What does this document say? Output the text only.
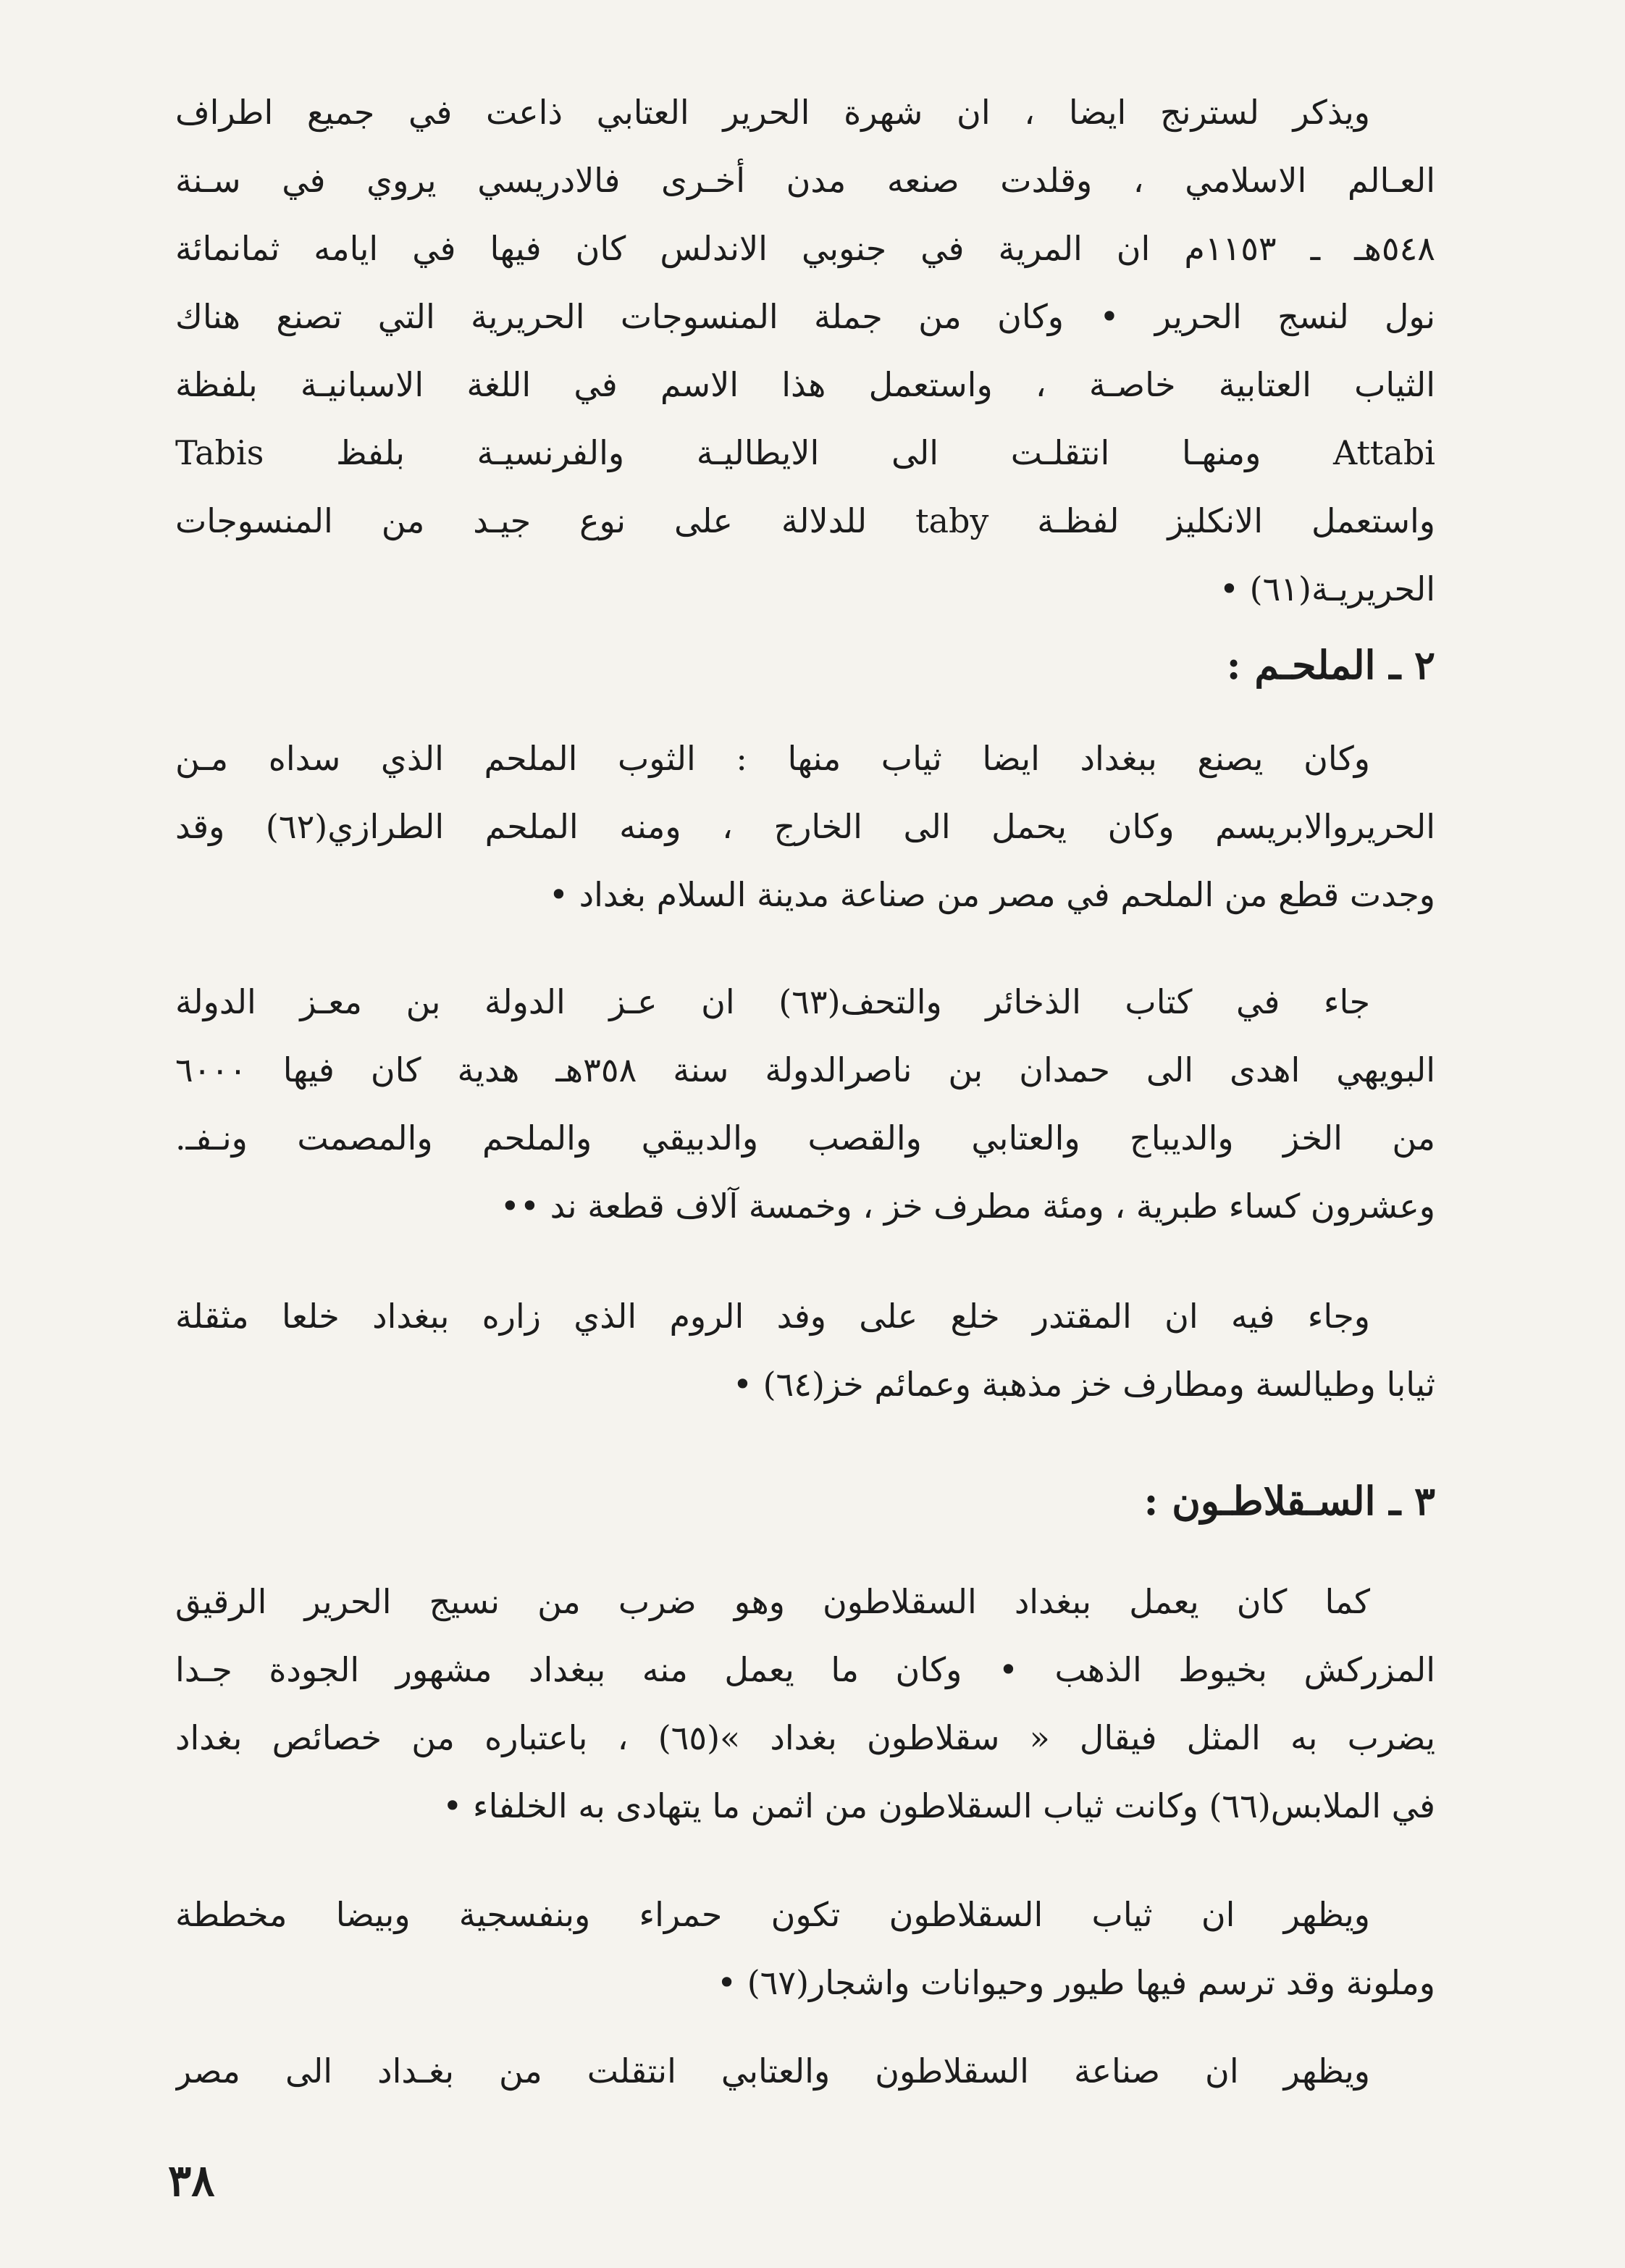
ويذكر لسترنج ايضا ، ان شهرة الحرير العتابي ذاعت في جميع اطراف
العـالم الاسلامي ، وقلدت صنعه مدن أخـرى فالادريسي يروي في سـنة
٥٤٨هـ ـ ١١٥٣م ان المرية في جنوبي الاندلس كان فيها في ايامه ثمانمائة
نول لنسج الحرير • وكان من جملة المنسوجات الحريرية التي تصنع هناك
الثياب العتابية خاصـة ، واستعمل هذا الاسم في اللغة الاسبانيـة بلفظة
Attabi ومنهـا انتقلـت الى الايطاليـة والفرنسيـة بلفظ Tabis
واستعمل الانكليز لفظـة taby للدلالة على نوع جيـد من المنسوجات
الحريريـة(٦١) •
٢ ـ الملحـم :
وكان يصنع ببغداد ايضا ثياب منها : الثوب الملحم الذي سداه مـن
الحريروالابريسم وكان يحمل الى الخارج ، ومنه الملحم الطرازي(٦٢) وقد
وجدت قطع من الملحم في مصر من صناعة مدينة السلام بغداد •
جاء في كتاب الذخائر والتحف(٦٣) ان عـز الدولة بن معـز الدولة
البويهي اهدى الى حمدان بن ناصرالدولة سنة ٣٥٨هـ هدية كان فيها ٦٠٠٠
من الخز والديباج والعتابي والقصب والدبيقي والملحم والمصمت ونـفـ.
وعشرون كساء طبرية ، ومئة مطرف خز ، وخمسة آلاف قطعة ند ••
وجاء فيه ان المقتدر خلع على وفد الروم الذي زاره ببغداد خلعا مثقلة
ثيابا وطيالسة ومطارف خز مذهبة وعمائم خز(٦٤) •
٣ ـ السـقلاطـون :
كما كان يعمل ببغداد السقلاطون وهو ضرب من نسيج الحرير الرقيق
المزركش بخيوط الذهب • وكان ما يعمل منه ببغداد مشهور الجودة جـدا
يضرب به المثل فيقال « سقلاطون بغداد »(٦٥) ، باعتباره من خصائص بغداد
في الملابس(٦٦) وكانت ثياب السقلاطون من اثمن ما يتهادى به الخلفاء •
ويظهر ان ثياب السقلاطون تكون حمراء وبنفسجية وبيضا مخططة
وملونة وقد ترسم فيها طيور وحيوانات واشجار(٦٧) •
ويظهر ان صناعة السقلاطون والعتابي انتقلت من بغـداد الى مصر
٣٨
